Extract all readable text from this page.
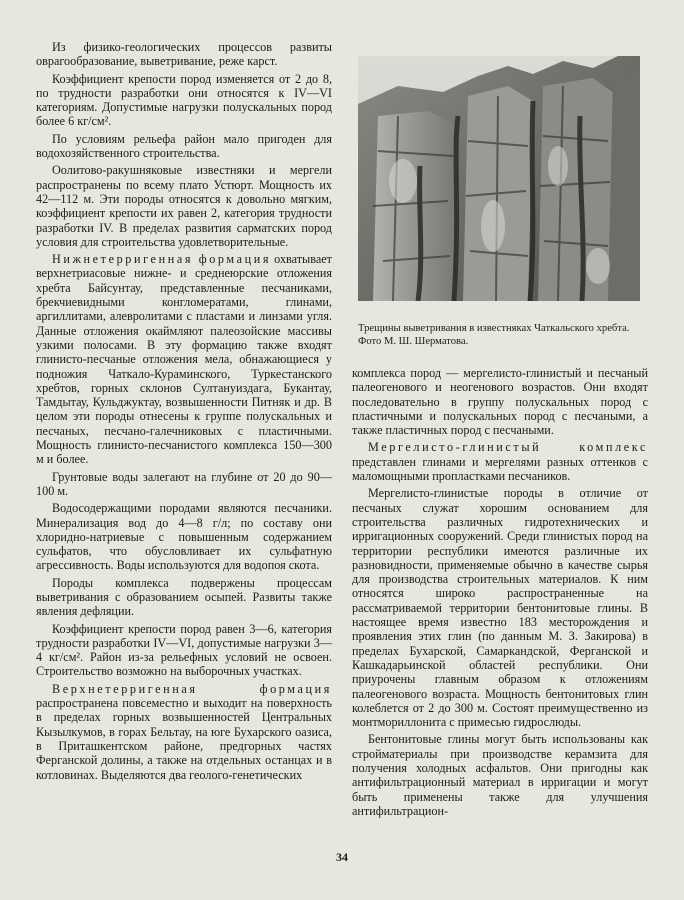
Из физико-геологических процессов развиты оврагообразование, выветривание, реже карст.

Коэффициент крепости пород изменяется от 2 до 8, по трудности разработки они относятся к IV—VI категориям. Допустимые нагрузки полускальных пород более 6 кг/см².

По условиям рельефа район мало пригоден для водохозяйственного строительства.

Оолитово-ракушняковые известняки и мергели распространены по всему плато Устюрт. Мощность их 42—112 м. Эти породы относятся к довольно мягким, коэффициент крепости их равен 2, категория трудности разработки IV. В пределах развития сарматских пород условия для строительства удовлетворительные.

Нижнетерригенная формация охватывает верхнетриасовые нижне- и среднеюрские отложения хребта Байсунтау, представленные песчаниками, брекчиевидными конгломератами, глинами, аргиллитами, алевролитами с пластами и линзами угля. Данные отложения окаймляют палеозойские массивы узкими полосами. В эту формацию также входят глинисто-песчаные отложения мела, обнажающиеся у подножия Чаткало-Кураминского, Туркестанского хребтов, горных склонов Султануиздага, Букантау, Тамдытау, Кульджуктау, возвышенности Питняк и др. В целом эти породы отнесены к группе полускальных и песчаных, песчано-галечниковых с пластичными. Мощность глинисто-песчанистого комплекса 150—300 м и более.

Грунтовые воды залегают на глубине от 20 до 90—100 м.

Водосодержащими породами являются песчаники. Минерализация вод до 4—8 г/л; по составу они хлоридно-натриевые с повышенным содержанием сульфатов, что обусловливает их сульфатную агрессивность. Воды используются для водопоя скота.

Породы комплекса подвержены процессам выветривания с образованием осыпей. Развиты также явления дефляции.

Коэффициент крепости пород равен 3—6, категория трудности разработки IV—VI, допустимые нагрузки 3—4 кг/см². Район из-за рельефных условий не освоен. Строительство возможно на выборочных участках.

Верхнетерригенная формация распространена повсеместно и выходит на поверхность в пределах горных возвышенностей Центральных Кызылкумов, в горах Бельтау, на юге Бухарского оазиса, в Приташкентском районе, предгорных частях Ферганской долины, а также на отдельных останцах и в котловинах. Выделяются два геолого-генетических

Трещины выветривания в известняках Чаткальского хребта. Фото М. Ш. Шерматова.

комплекса пород — мергелисто-глинистый и песчаный палеогенового и неогенового возрастов. Они входят последовательно в группу полускальных пород с пластичными и полускальных пород с песчаными, а также пластичных пород с песчаными.

Мергелисто-глинистый комплекс представлен глинами и мергелями разных оттенков с маломощными пропластками песчаников.

Мергелисто-глинистые породы в отличие от песчаных служат хорошим основанием для строительства различных гидротехнических и ирригационных сооружений. Среди глинистых пород на территории республики имеются различные их разновидности, применяемые обычно в качестве сырья для производства строительных материалов. К ним относятся широко распространенные на рассматриваемой территории бентонитовые глины. В настоящее время известно 183 месторождения и проявления этих глин (по данным М. З. Закирова) в пределах Бухарской, Самаркандской, Ферганской и Кашкадарьинской областей республики. Они приурочены главным образом к отложениям палеогенового возраста. Мощность бентонитовых глин колеблется от 2 до 300 м. Состоят преимущественно из монтмориллонита с примесью гидрослюды.

Бентонитовые глины могут быть использованы как стройматериалы при производстве керамзита для получения холодных асфальтов. Они пригодны как антифильтрационный материал в ирригации и могут быть применены также для улучшения антифильтрацион-

34
